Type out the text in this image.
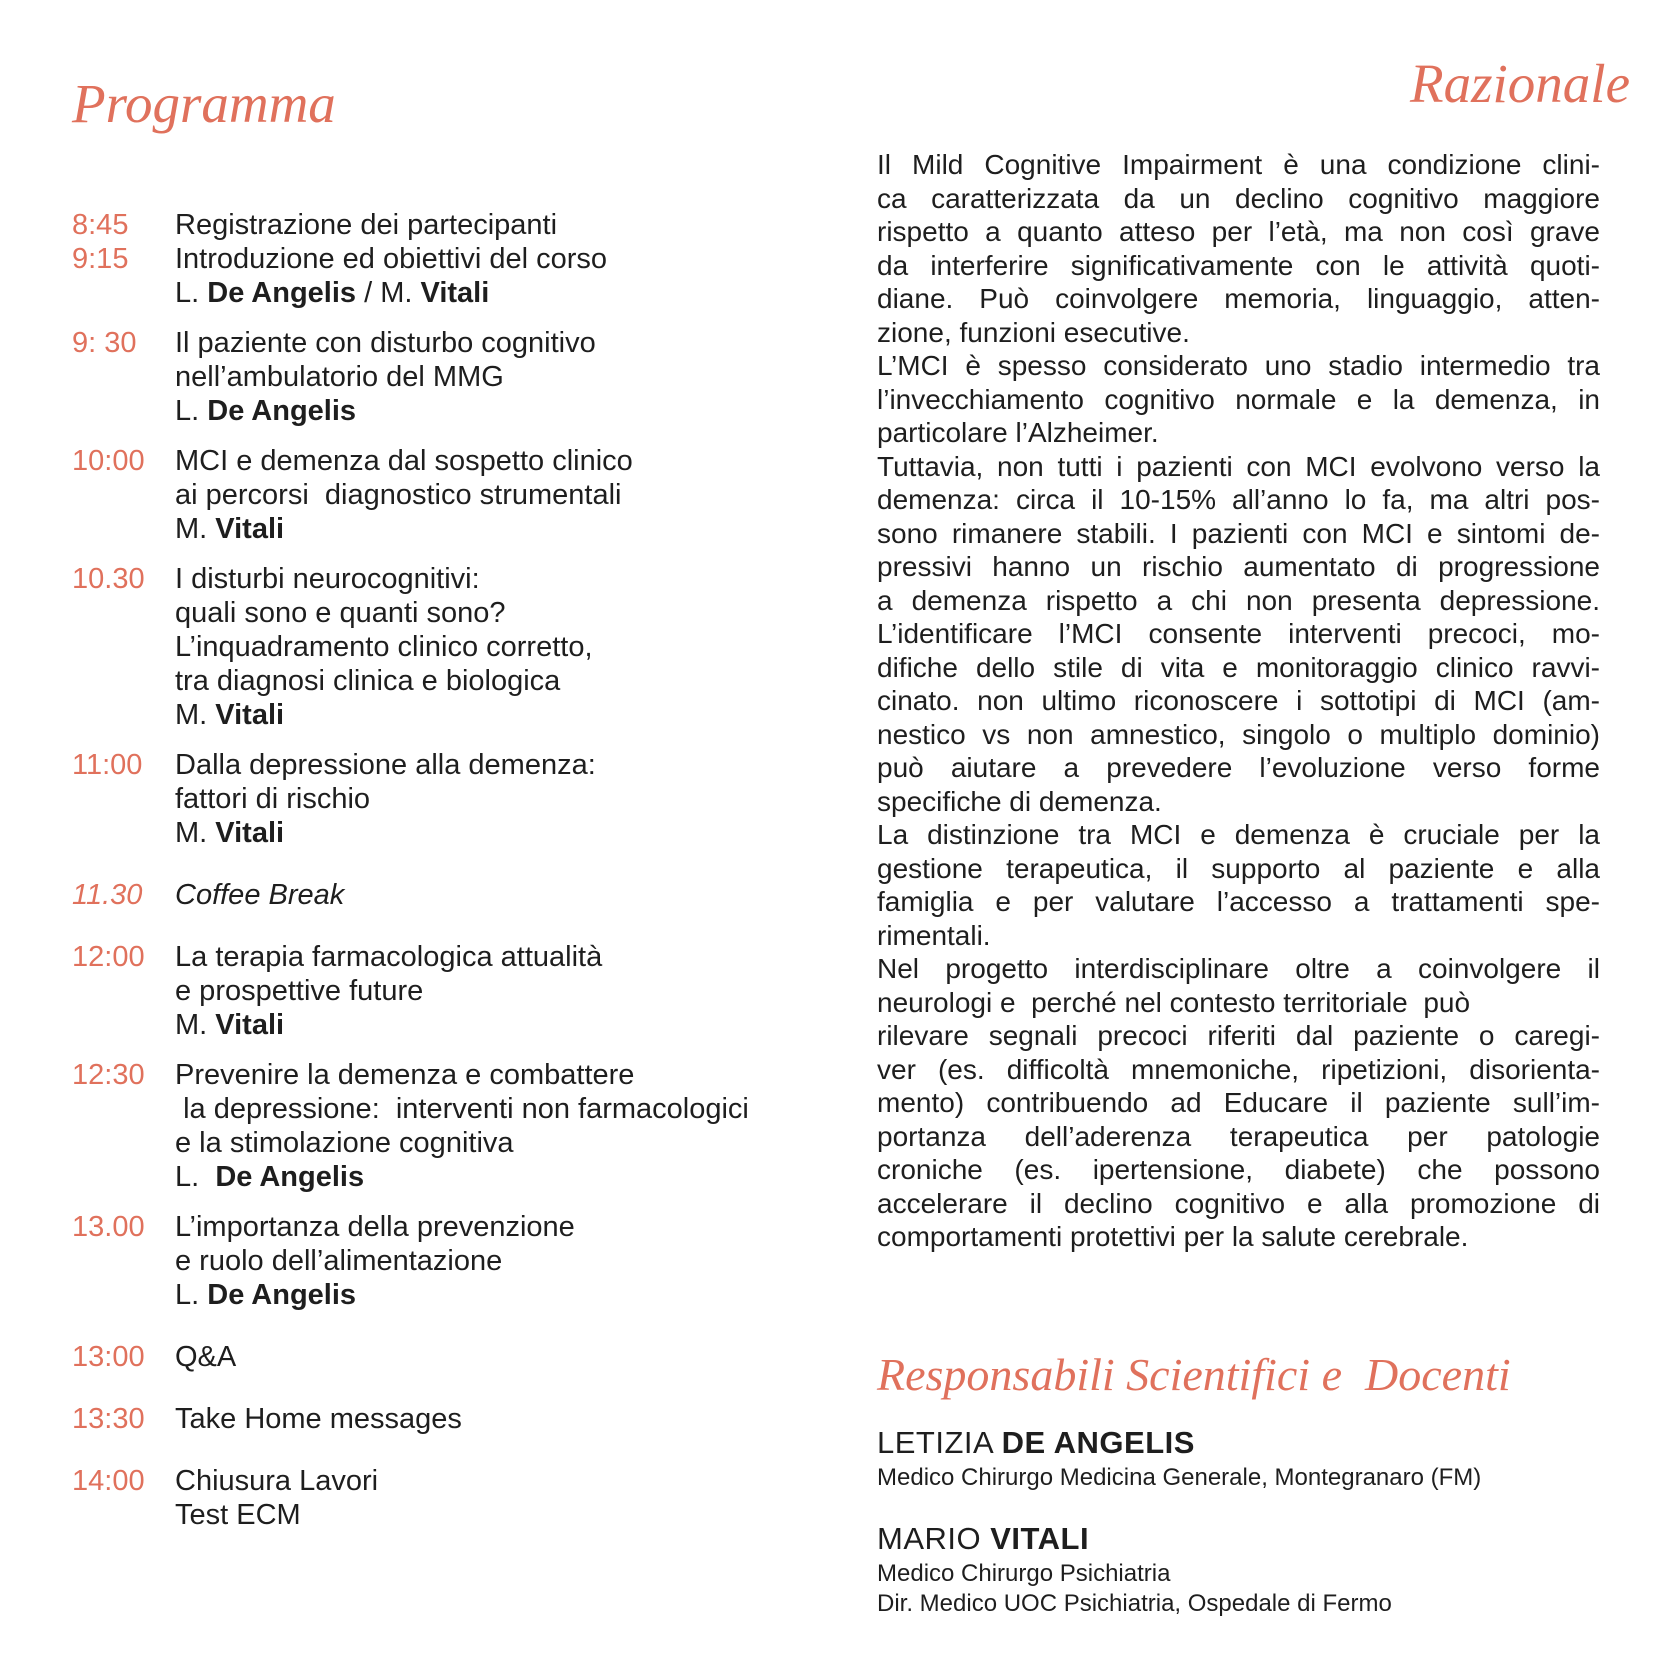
Programma	Razionale
8:45	Registrazione dei partecipanti
9:15	Introduzione ed obiettivi del corso
L. De Angelis / M. Vitali
9: 30	Il paziente con disturbo cognitivo
nell’ambulatorio del MMG
L. De Angelis
10:00	MCI e demenza dal sospetto clinico
ai percorsi  diagnostico strumentali
M. Vitali
10.30	I disturbi neurocognitivi:
quali sono e quanti sono?
L’inquadramento clinico corretto,
tra diagnosi clinica e biologica
M. Vitali
11:00	Dalla depressione alla demenza:
fattori di rischio
M. Vitali
11.30	Coffee Break
12:00	La terapia farmacologica attualità
e prospettive future
M. Vitali
12:30	Prevenire la demenza e combattere
la depressione:  interventi non farmacologici
e la stimolazione cognitiva
L.  De Angelis
13.00	L’importanza della prevenzione
e ruolo dell’alimentazione
L. De Angelis
13:00	Q&A
13:30	Take Home messages
14:00	Chiusura Lavori
Test ECM
Il Mild Cognitive Impairment è una condizione clini-
ca caratterizzata da un declino cognitivo maggiore
rispetto a quanto atteso per l’età, ma non così grave
da interferire significativamente con le attività quoti-
diane. Può coinvolgere memoria, linguaggio, atten-
zione, funzioni esecutive.
L’MCI è spesso considerato uno stadio intermedio tra
l’invecchiamento cognitivo normale e la demenza, in
particolare l’Alzheimer.
Tuttavia, non tutti i pazienti con MCI evolvono verso la
demenza: circa il 10-15% all’anno lo fa, ma altri pos-
sono rimanere stabili. I pazienti con MCI e sintomi de-
pressivi hanno un rischio aumentato di progressione
a demenza rispetto a chi non presenta depressione.
L’identificare l’MCI consente interventi precoci, mo-
difiche dello stile di vita e monitoraggio clinico ravvi-
cinato. non ultimo riconoscere i sottotipi di MCI (am-
nestico vs non amnestico, singolo o multiplo dominio)
può aiutare a prevedere l’evoluzione verso forme
specifiche di demenza.
La distinzione tra MCI e demenza è cruciale per la
gestione terapeutica, il supporto al paziente e alla
famiglia e per valutare l’accesso a trattamenti spe-
rimentali.
Nel progetto interdisciplinare oltre a coinvolgere il
neurologi e  perché nel contesto territoriale  può
rilevare segnali precoci riferiti dal paziente o caregi-
ver (es. difficoltà mnemoniche, ripetizioni, disorienta-
mento) contribuendo ad Educare il paziente sull’im-
portanza dell’aderenza terapeutica per patologie
croniche (es. ipertensione, diabete) che possono
accelerare il declino cognitivo e alla promozione di
comportamenti protettivi per la salute cerebrale.
Responsabili Scientifici e  Docenti
LETIZIA DE ANGELIS
Medico Chirurgo Medicina Generale, Montegranaro (FM)
MARIO VITALI
Medico Chirurgo Psichiatria
Dir. Medico UOC Psichiatria, Ospedale di Fermo
